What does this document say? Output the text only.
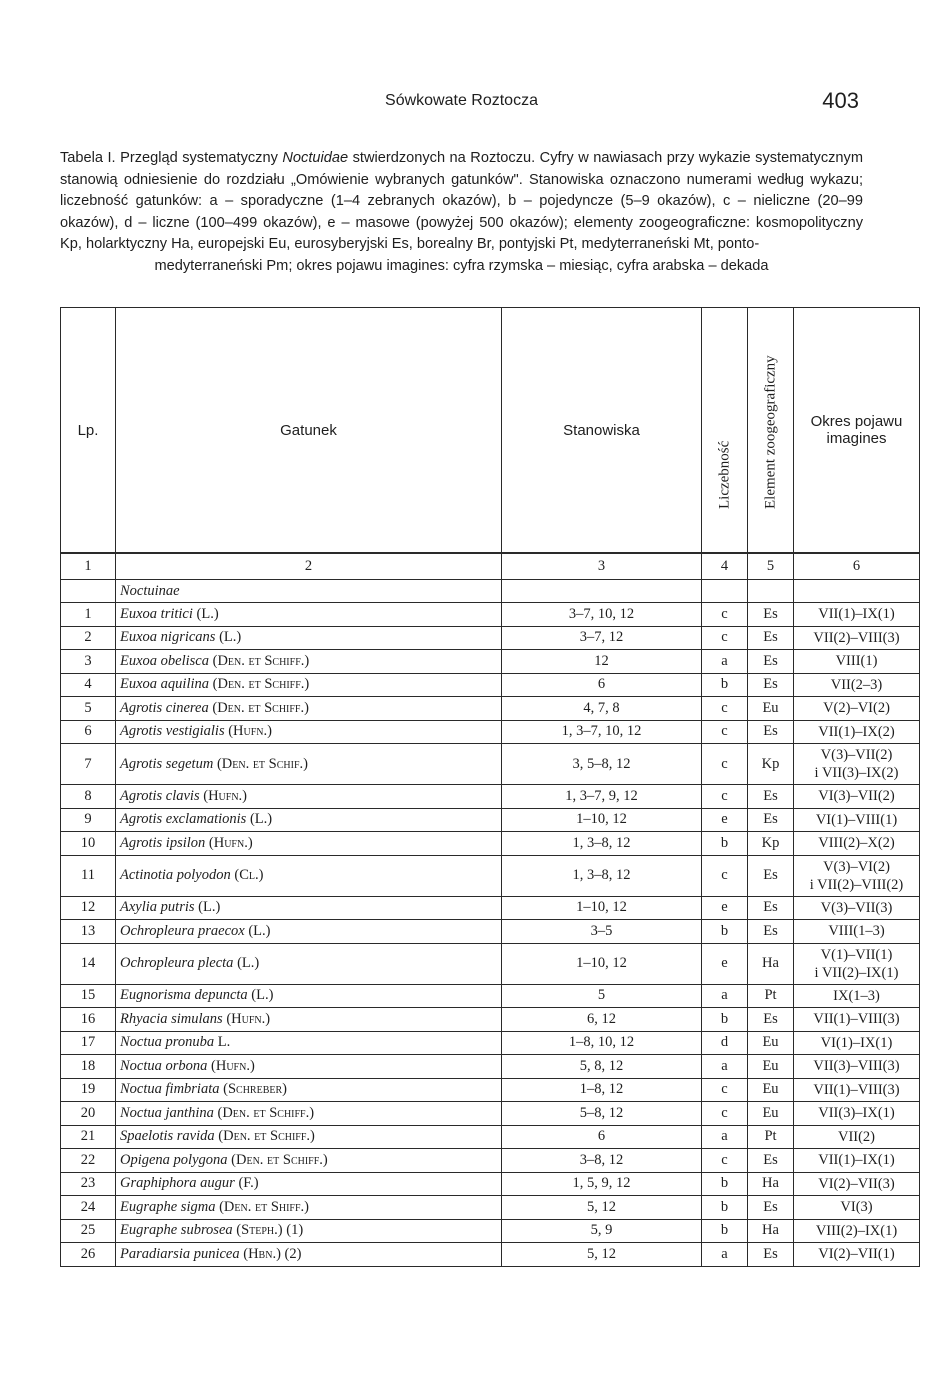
Sówkowate Roztocza	403
Tabela I. Przegląd systematyczny Noctuidae stwierdzonych na Roztoczu. Cyfry w nawiasach przy wykazie systematycznym stanowią odniesienie do rozdziału „Omówienie wybranych gatunków". Stanowiska oznaczono numerami według wykazu; liczebność gatunków: a – sporadyczne (1–4 zebranych okazów), b – pojedyncze (5–9 okazów), c – nieliczne (20–99 okazów), d – liczne (100–499 okazów), e – masowe (powyżej 500 okazów); elementy zoogeograficzne: kosmopolityczny Kp, holarktyczny Ha, europejski Eu, eurosyberyjski Es, borealny Br, pontyjski Pt, medyterraneński Mt, ponto-
medyterraneński Pm; okres pojawu imagines: cyfra rzymska – miesiąc, cyfra arabska – dekada
Lp.	Gatunek	Stanowiska	Liczebność	Element zoogeograficzny	Okres pojawu imagines
1	2	3	4	5	6
	Noctuinae				
1	Euxoa tritici (L.)	3–7, 10, 12	c	Es	VII(1)–IX(1)

2	Euxoa nigricans (L.)	3–7, 12	c	Es	VII(2)–VIII(3)

3	Euxoa obelisca (Den. et Schiff.)	12	a	Es	VIII(1)

4	Euxoa aquilina (Den. et Schiff.)	6	b	Es	VII(2–3)

5	Agrotis cinerea (Den. et Schiff.)	4, 7, 8	c	Eu	V(2)–VI(2)

6	Agrotis vestigialis (Hufn.)	1, 3–7, 10, 12	c	Es	VII(1)–IX(2)

7	Agrotis segetum (Den. et Schif.)	3, 5–8, 12	c	Kp	V(3)–VII(2)
i VII(3)–IX(2)

8	Agrotis clavis (Hufn.)	1, 3–7, 9, 12	c	Es	VI(3)–VII(2)

9	Agrotis exclamationis (L.)	1–10, 12	e	Es	VI(1)–VIII(1)

10	Agrotis ipsilon (Hufn.)	1, 3–8, 12	b	Kp	VIII(2)–X(2)

11	Actinotia polyodon (Cl.)	1, 3–8, 12	c	Es	V(3)–VI(2)
i VII(2)–VIII(2)

12	Axylia putris (L.)	1–10, 12	e	Es	V(3)–VII(3)

13	Ochropleura praecox (L.)	3–5	b	Es	VIII(1–3)

14	Ochropleura plecta (L.)	1–10, 12	e	Ha	V(1)–VII(1)
i VII(2)–IX(1)

15	Eugnorisma depuncta (L.)	5	a	Pt	IX(1–3)

16	Rhyacia simulans (Hufn.)	6, 12	b	Es	VII(1)–VIII(3)

17	Noctua pronuba L.	1–8, 10, 12	d	Eu	VI(1)–IX(1)

18	Noctua orbona (Hufn.)	5, 8, 12	a	Eu	VII(3)–VIII(3)

19	Noctua fimbriata (Schreber)	1–8, 12	c	Eu	VII(1)–VIII(3)

20	Noctua janthina (Den. et Schiff.)	5–8, 12	c	Eu	VII(3)–IX(1)

21	Spaelotis ravida (Den. et Schiff.)	6	a	Pt	VII(2)

22	Opigena polygona (Den. et Schiff.)	3–8, 12	c	Es	VII(1)–IX(1)

23	Graphiphora augur (F.)	1, 5, 9, 12	b	Ha	VI(2)–VII(3)

24	Eugraphe sigma (Den. et Shiff.)	5, 12	b	Es	VI(3)

25	Eugraphe subrosea (Steph.) (1)	5, 9	b	Ha	VIII(2)–IX(1)

26	Paradiarsia punicea (Hbn.) (2)	5, 12	a	Es	VI(2)–VII(1)
